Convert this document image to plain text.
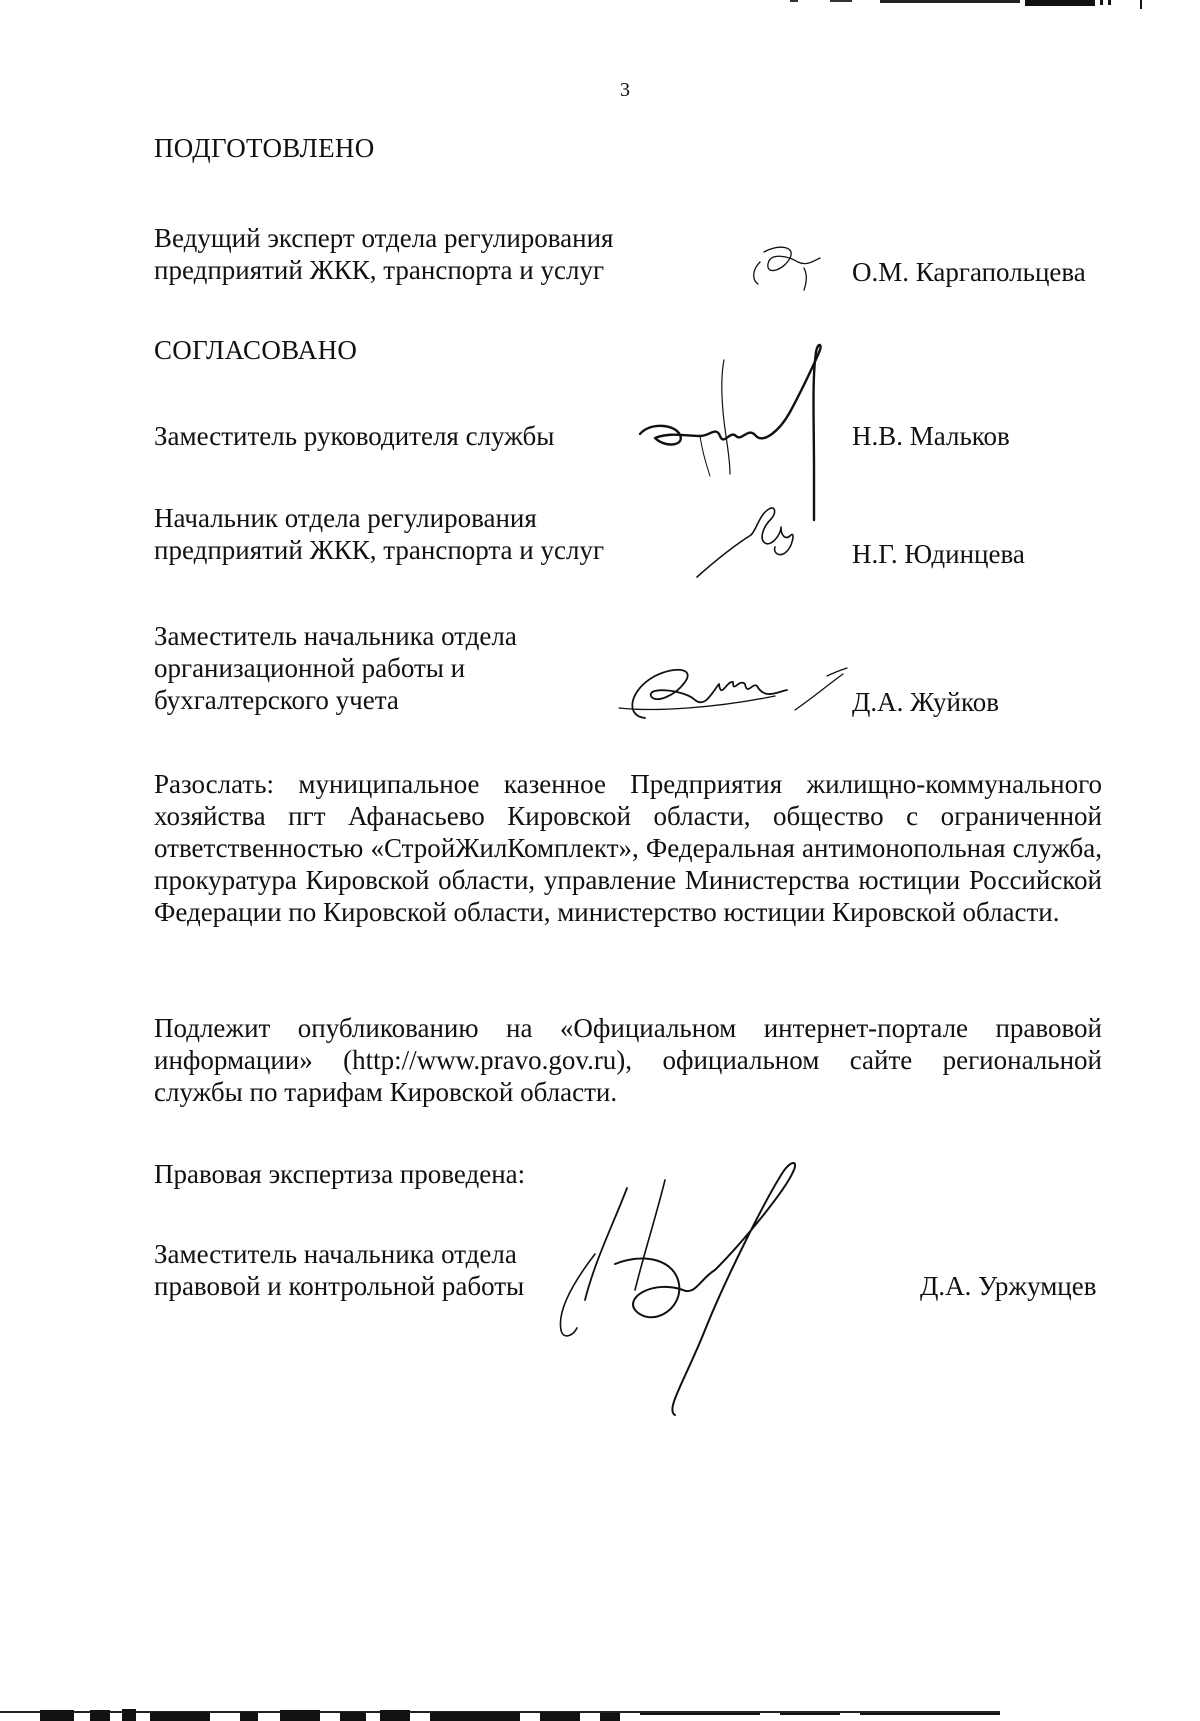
3
ПОДГОТОВЛЕНО
Ведущий эксперт отдела регулирования
предприятий ЖКК, транспорта и услуг	О.М. Каргапольцева
СОГЛАСОВАНО
Заместитель руководителя службы	Н.В. Мальков
Начальник отдела регулирования
предприятий ЖКК, транспорта и услуг	Н.Г. Юдинцева
Заместитель начальника отдела
организационной работы и
бухгалтерского учета	Д.А. Жуйков
Разослать: муниципальное казенное Предприятия жилищно-коммунального хозяйства пгт Афанасьево Кировской области, общество с ограниченной ответственностью «СтройЖилКомплект», Федеральная антимонопольная служба, прокуратура Кировской области, управление Министерства юстиции Российской Федерации по Кировской области, министерство юстиции Кировской области.
Подлежит опубликованию на «Официальном интернет-портале правовой информации» (http://www.pravo.gov.ru), официальном сайте региональной службы по тарифам Кировской области.
Правовая экспертиза проведена:
Заместитель начальника отдела
правовой и контрольной работы	Д.А. Уржумцев
